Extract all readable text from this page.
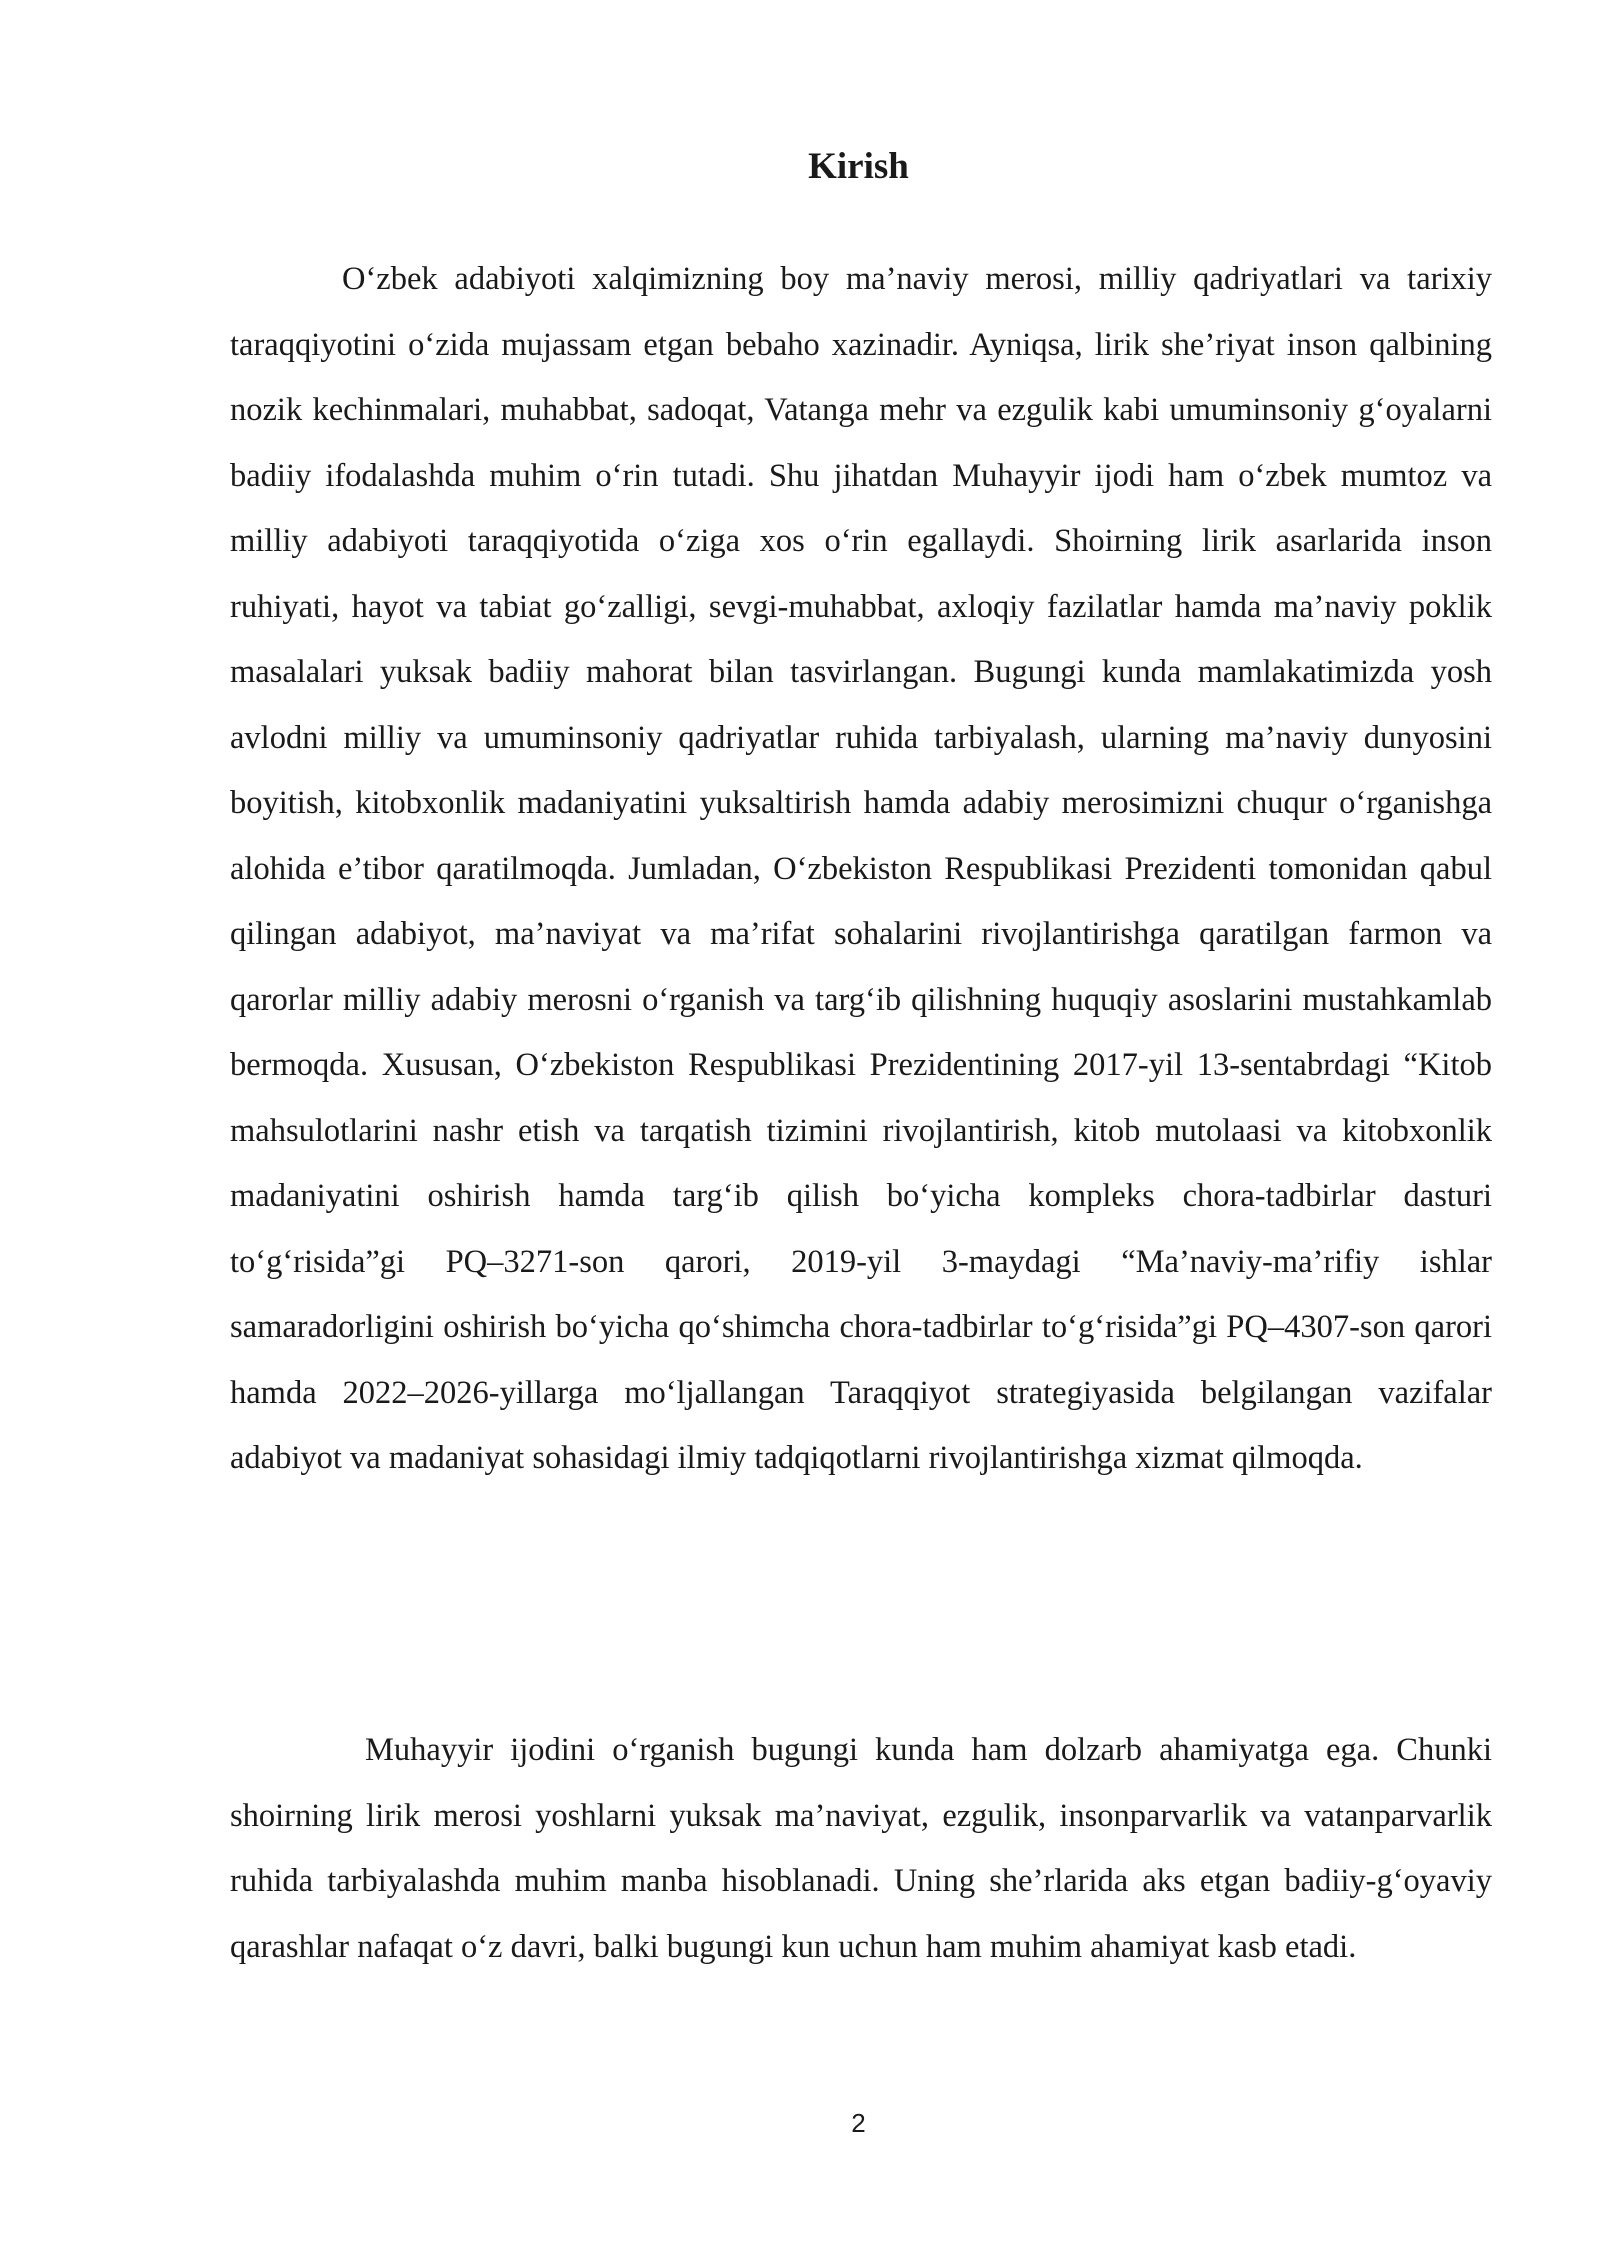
Kirish

O‘zbek adabiyoti xalqimizning boy ma’naviy merosi, milliy qadriyatlari va tarixiy taraqqiyotini o‘zida mujassam etgan bebaho xazinadir. Ayniqsa, lirik she’riyat inson qalbining nozik kechinmalari, muhabbat, sadoqat, Vatanga mehr va ezgulik kabi umuminsoniy g‘oyalarni badiiy ifodalashda muhim o‘rin tutadi. Shu jihatdan Muhayyir ijodi ham o‘zbek mumtoz va milliy adabiyoti taraqqiyotida o‘ziga xos o‘rin egallaydi. Shoirning lirik asarlarida inson ruhiyati, hayot va tabiat go‘zalligi, sevgi-muhabbat, axloqiy fazilatlar hamda ma’naviy poklik masalalari yuksak badiiy mahorat bilan tasvirlangan. Bugungi kunda mamlakatimizda yosh avlodni milliy va umuminsoniy qadriyatlar ruhida tarbiyalash, ularning ma’naviy dunyosini boyitish, kitobxonlik madaniyatini yuksaltirish hamda adabiy merosimizni chuqur o‘rganishga alohida e’tibor qaratilmoqda. Jumladan, O‘zbekiston Respublikasi Prezidenti tomonidan qabul qilingan adabiyot, ma’naviyat va ma’rifat sohalarini rivojlantirishga qaratilgan farmon va qarorlar milliy adabiy merosni o‘rganish va targ‘ib qilishning huquqiy asoslarini mustahkamlab bermoqda. Xususan, O‘zbekiston Respublikasi Prezidentining 2017-yil 13-sentabrdagi “Kitob mahsulotlarini nashr etish va tarqatish tizimini rivojlantirish, kitob mutolaasi va kitobxonlik madaniyatini oshirish hamda targ‘ib qilish bo‘yicha kompleks chora-tadbirlar dasturi to‘g‘risida”gi PQ–3271-son qarori, 2019-yil 3-maydagi “Ma’naviy-ma’rifiy ishlar samaradorligini oshirish bo‘yicha qo‘shimcha chora-tadbirlar to‘g‘risida”gi PQ–4307-son qarori hamda 2022–2026-yillarga mo‘ljallangan Taraqqiyot strategiyasida belgilangan vazifalar adabiyot va madaniyat sohasidagi ilmiy tadqiqotlarni rivojlantirishga xizmat qilmoqda.

Muhayyir ijodini o‘rganish bugungi kunda ham dolzarb ahamiyatga ega. Chunki shoirning lirik merosi yoshlarni yuksak ma’naviyat, ezgulik, insonparvarlik va vatanparvarlik ruhida tarbiyalashda muhim manba hisoblanadi. Uning she’rlarida aks etgan badiiy-g‘oyaviy qarashlar nafaqat o‘z davri, balki bugungi kun uchun ham muhim ahamiyat kasb etadi.

2
